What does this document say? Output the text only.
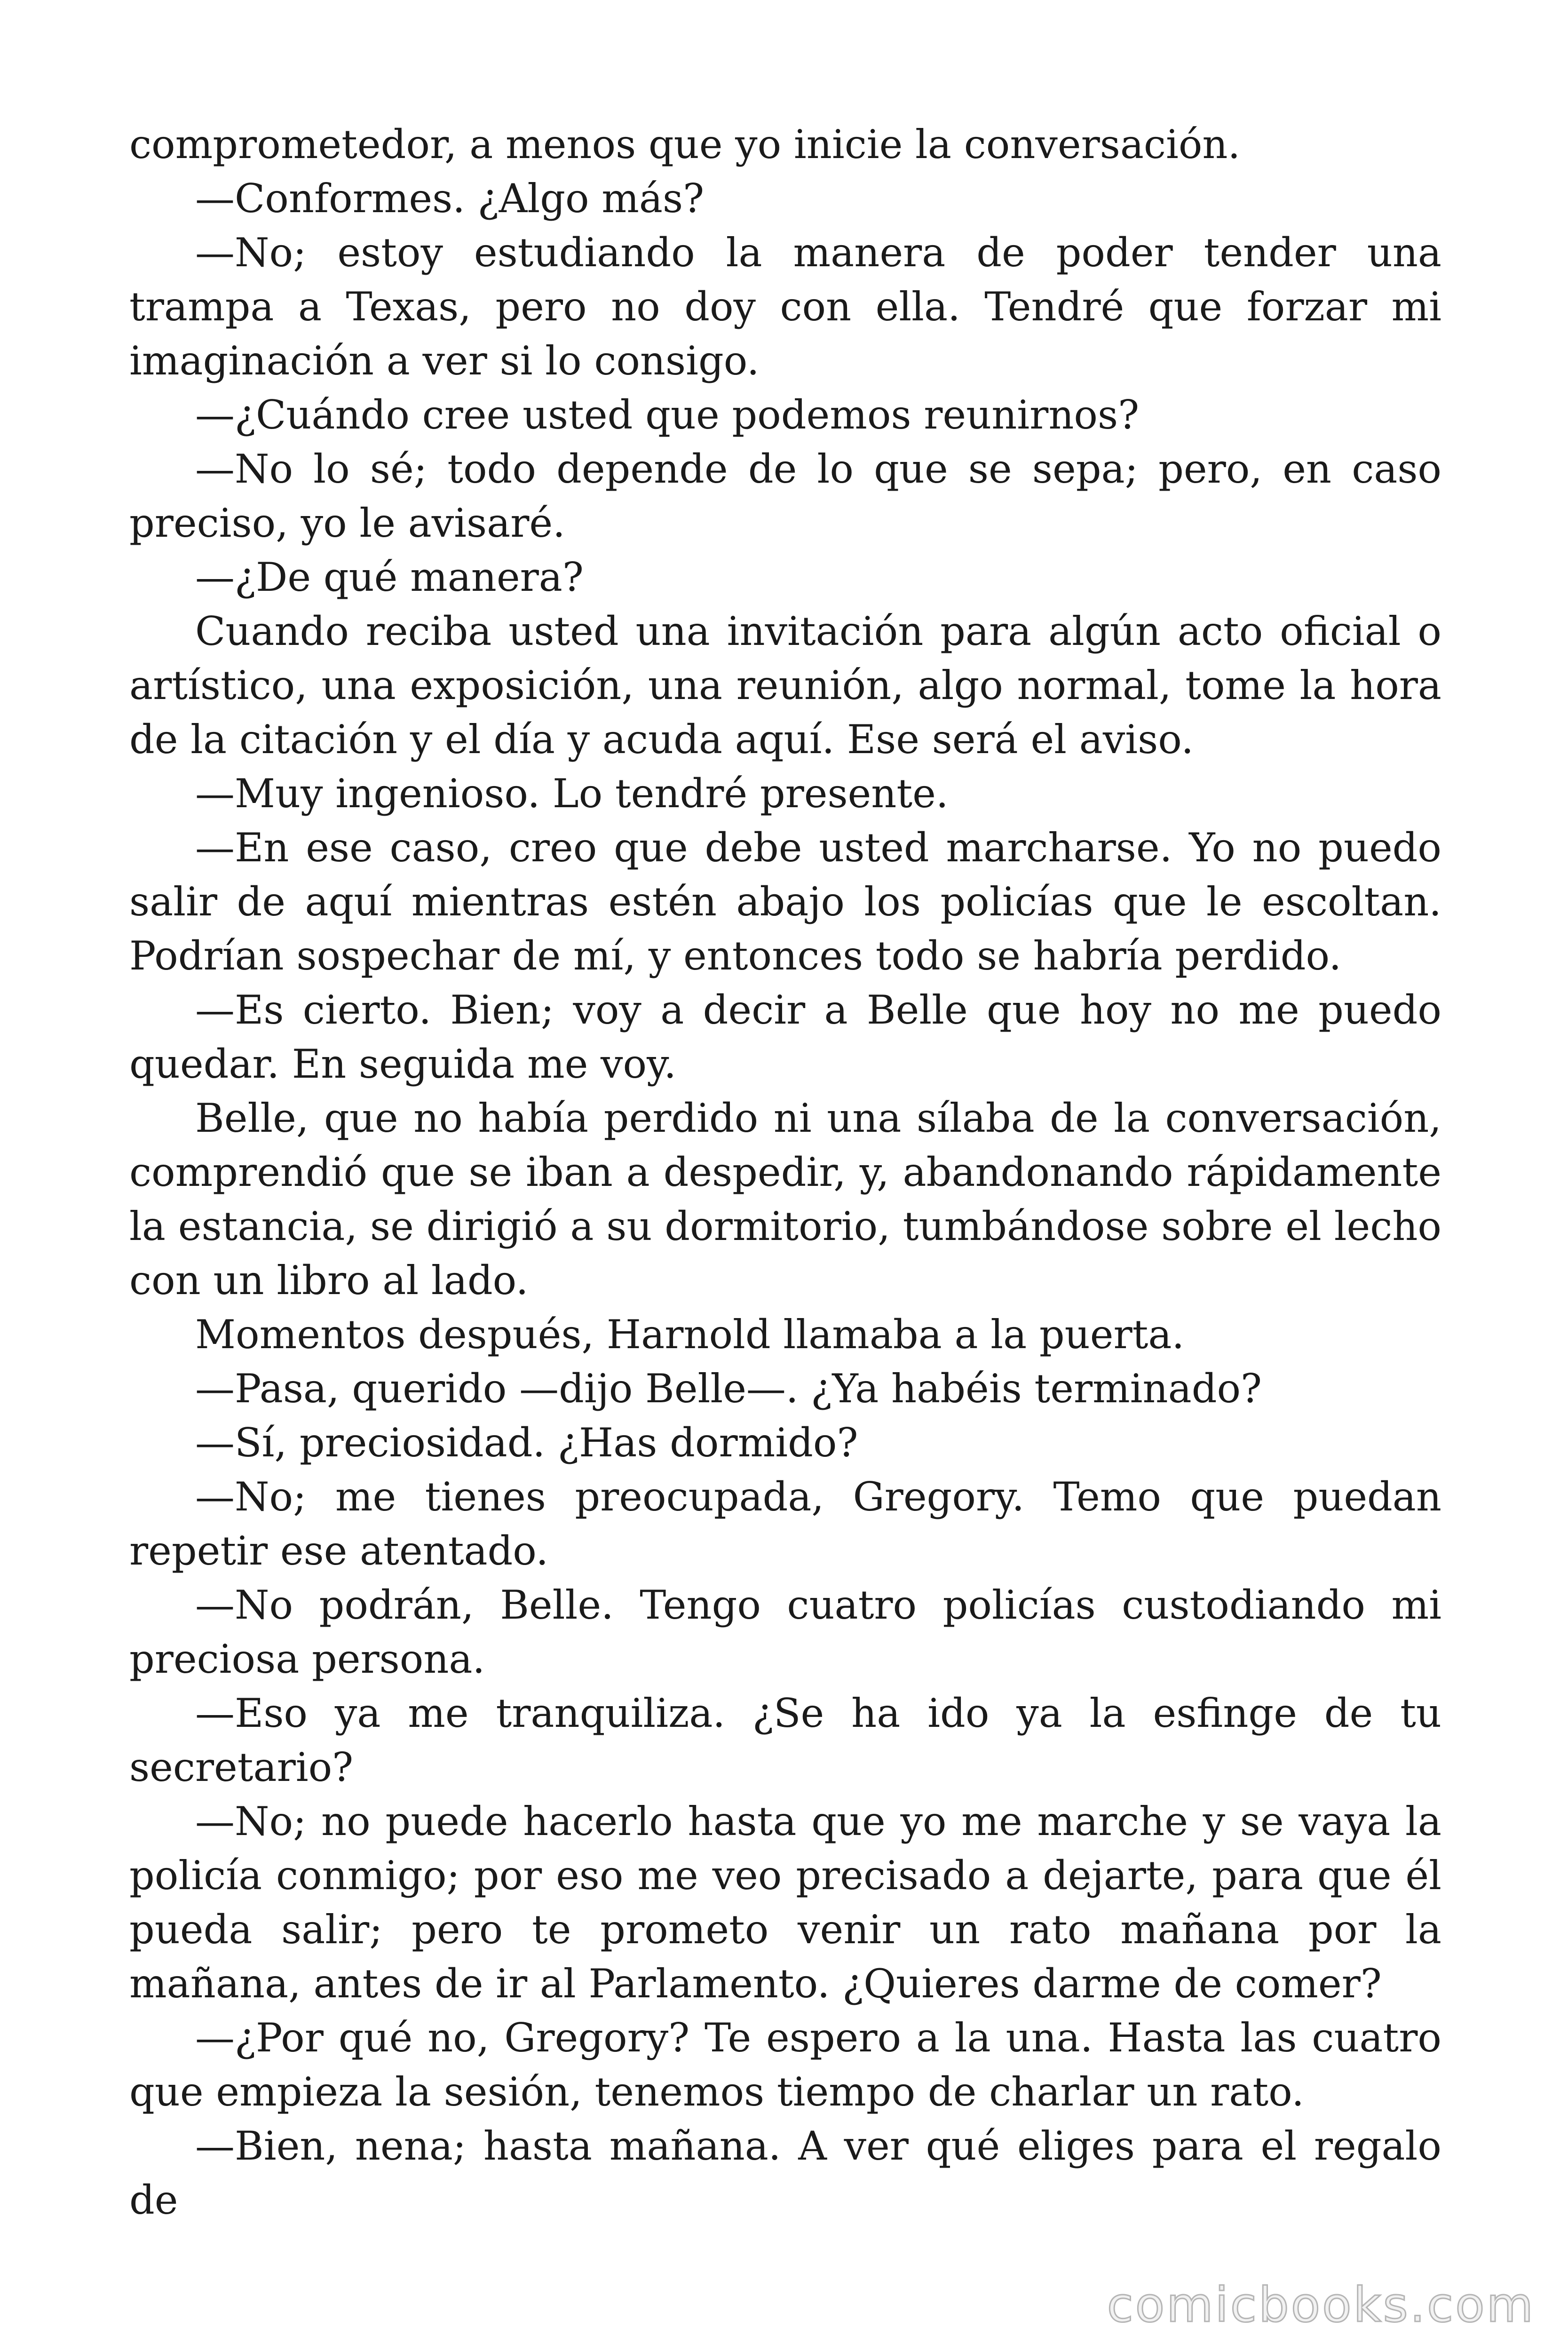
comprometedor, a menos que yo inicie la conversación.

—Conformes. ¿Algo más?

—No; estoy estudiando la manera de poder tender una trampa a Texas, pero no doy con ella. Tendré que forzar mi imaginación a ver si lo consigo.

—¿Cuándo cree usted que podemos reunirnos?

—No lo sé; todo depende de lo que se sepa; pero, en caso preciso, yo le avisaré.

—¿De qué manera?

Cuando reciba usted una invitación para algún acto oficial o artístico, una exposición, una reunión, algo normal, tome la hora de la citación y el día y acuda aquí. Ese será el aviso.

—Muy ingenioso. Lo tendré presente.

—En ese caso, creo que debe usted marcharse. Yo no puedo salir de aquí mientras estén abajo los policías que le escoltan. Podrían sospechar de mí, y entonces todo se habría perdido.

—Es cierto. Bien; voy a decir a Belle que hoy no me puedo quedar. En seguida me voy.

Belle, que no había perdido ni una sílaba de la conversación, comprendió que se iban a despedir, y, abandonando rápidamente la estancia, se dirigió a su dormitorio, tumbándose sobre el lecho con un libro al lado.

Momentos después, Harnold llamaba a la puerta.

—Pasa, querido —dijo Belle—. ¿Ya habéis terminado?

—Sí, preciosidad. ¿Has dormido?

—No; me tienes preocupada, Gregory. Temo que puedan repetir ese atentado.

—No podrán, Belle. Tengo cuatro policías custodiando mi preciosa persona.

—Eso ya me tranquiliza. ¿Se ha ido ya la esfinge de tu secretario?

—No; no puede hacerlo hasta que yo me marche y se vaya la policía conmigo; por eso me veo precisado a dejarte, para que él pueda salir; pero te prometo venir un rato mañana por la mañana, antes de ir al Parlamento. ¿Quieres darme de comer?

—¿Por qué no, Gregory? Te espero a la una. Hasta las cuatro que empieza la sesión, tenemos tiempo de charlar un rato.

—Bien, nena; hasta mañana. A ver qué eliges para el regalo de

comicbooks.com
